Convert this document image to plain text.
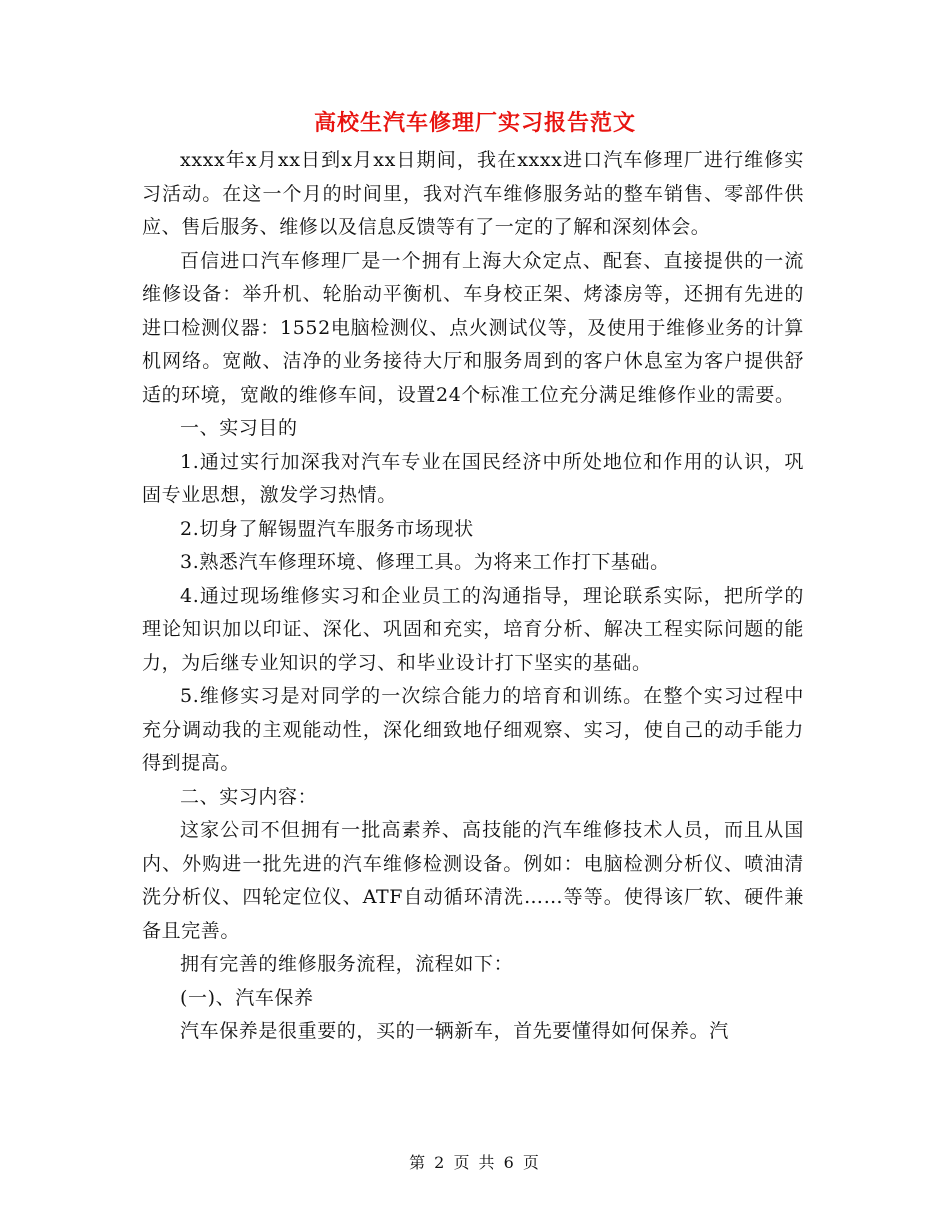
高校生汽车修理厂实习报告范文

xxxx年x月xx日到x月xx日期间，我在xxxx进口汽车修理厂进行维修实习活动。在这一个月的时间里，我对汽车维修服务站的整车销售、零部件供应、售后服务、维修以及信息反馈等有了一定的了解和深刻体会。

百信进口汽车修理厂是一个拥有上海大众定点、配套、直接提供的一流维修设备：举升机、轮胎动平衡机、车身校正架、烤漆房等，还拥有先进的进口检测仪器：1552电脑检测仪、点火测试仪等，及使用于维修业务的计算机网络。宽敞、洁净的业务接待大厅和服务周到的客户休息室为客户提供舒适的环境，宽敞的维修车间，设置24个标准工位充分满足维修作业的需要。

一、实习目的

1.通过实行加深我对汽车专业在国民经济中所处地位和作用的认识，巩固专业思想，激发学习热情。

2.切身了解锡盟汽车服务市场现状

3.熟悉汽车修理环境、修理工具。为将来工作打下基础。

4.通过现场维修实习和企业员工的沟通指导，理论联系实际，把所学的理论知识加以印证、深化、巩固和充实，培育分析、解决工程实际问题的能力，为后继专业知识的学习、和毕业设计打下坚实的基础。

5.维修实习是对同学的一次综合能力的培育和训练。在整个实习过程中充分调动我的主观能动性，深化细致地仔细观察、实习，使自己的动手能力得到提高。

二、实习内容：

这家公司不但拥有一批高素养、高技能的汽车维修技术人员，而且从国内、外购进一批先进的汽车维修检测设备。例如：电脑检测分析仪、喷油清洗分析仪、四轮定位仪、ATF自动循环清洗……等等。使得该厂软、硬件兼备且完善。

拥有完善的维修服务流程，流程如下：

(一)、汽车保养

汽车保养是很重要的，买的一辆新车，首先要懂得如何保养。汽

第 2 页 共 6 页
